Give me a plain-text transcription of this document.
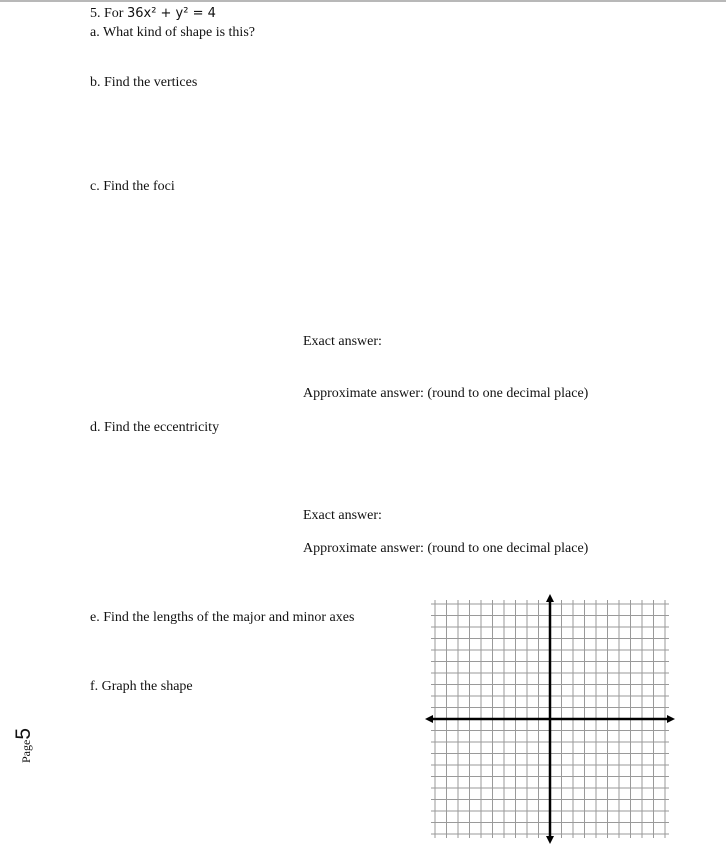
5. For 36x² + y² = 4
a. What kind of shape is this?
b. Find the vertices
c. Find the foci
Exact answer:
Approximate answer: (round to one decimal place)
d. Find the eccentricity
Exact answer:
Approximate answer: (round to one decimal place)
e. Find the lengths of the major and minor axes
f. Graph the shape
Page5
